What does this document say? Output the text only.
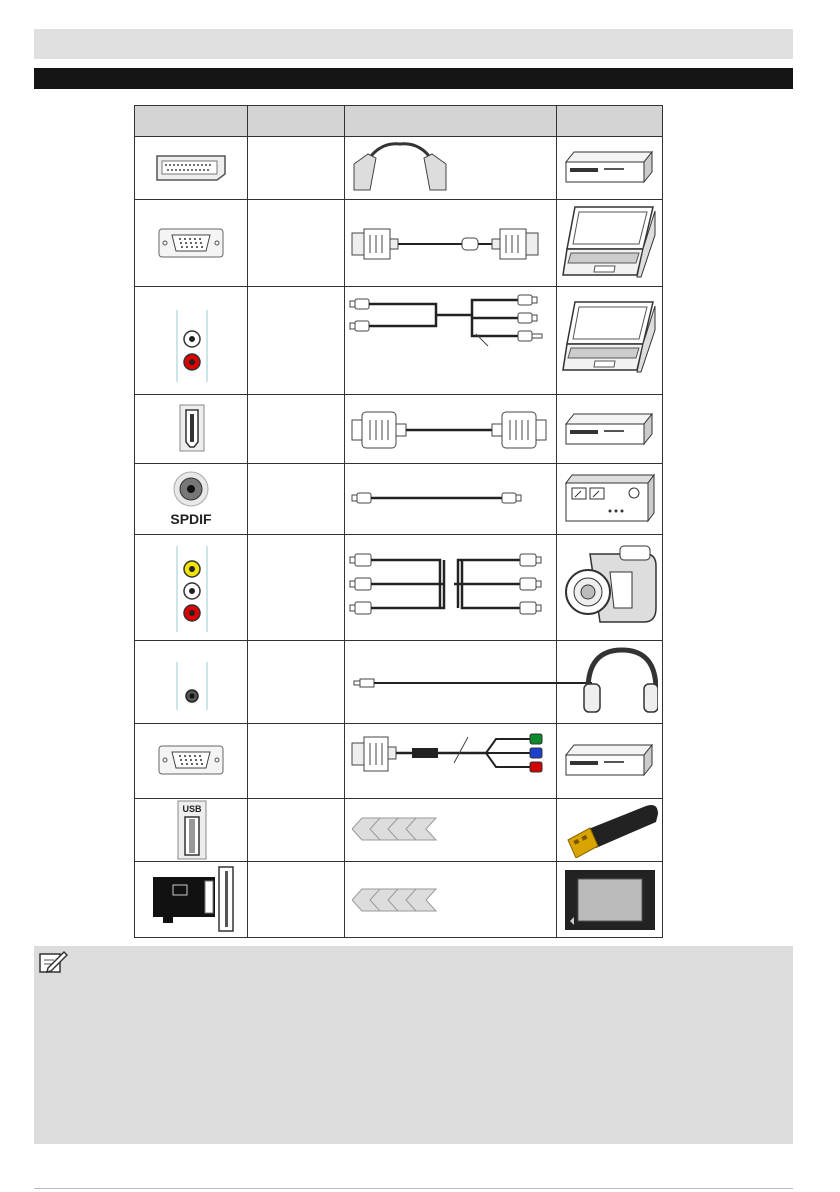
SPDIF
USB
